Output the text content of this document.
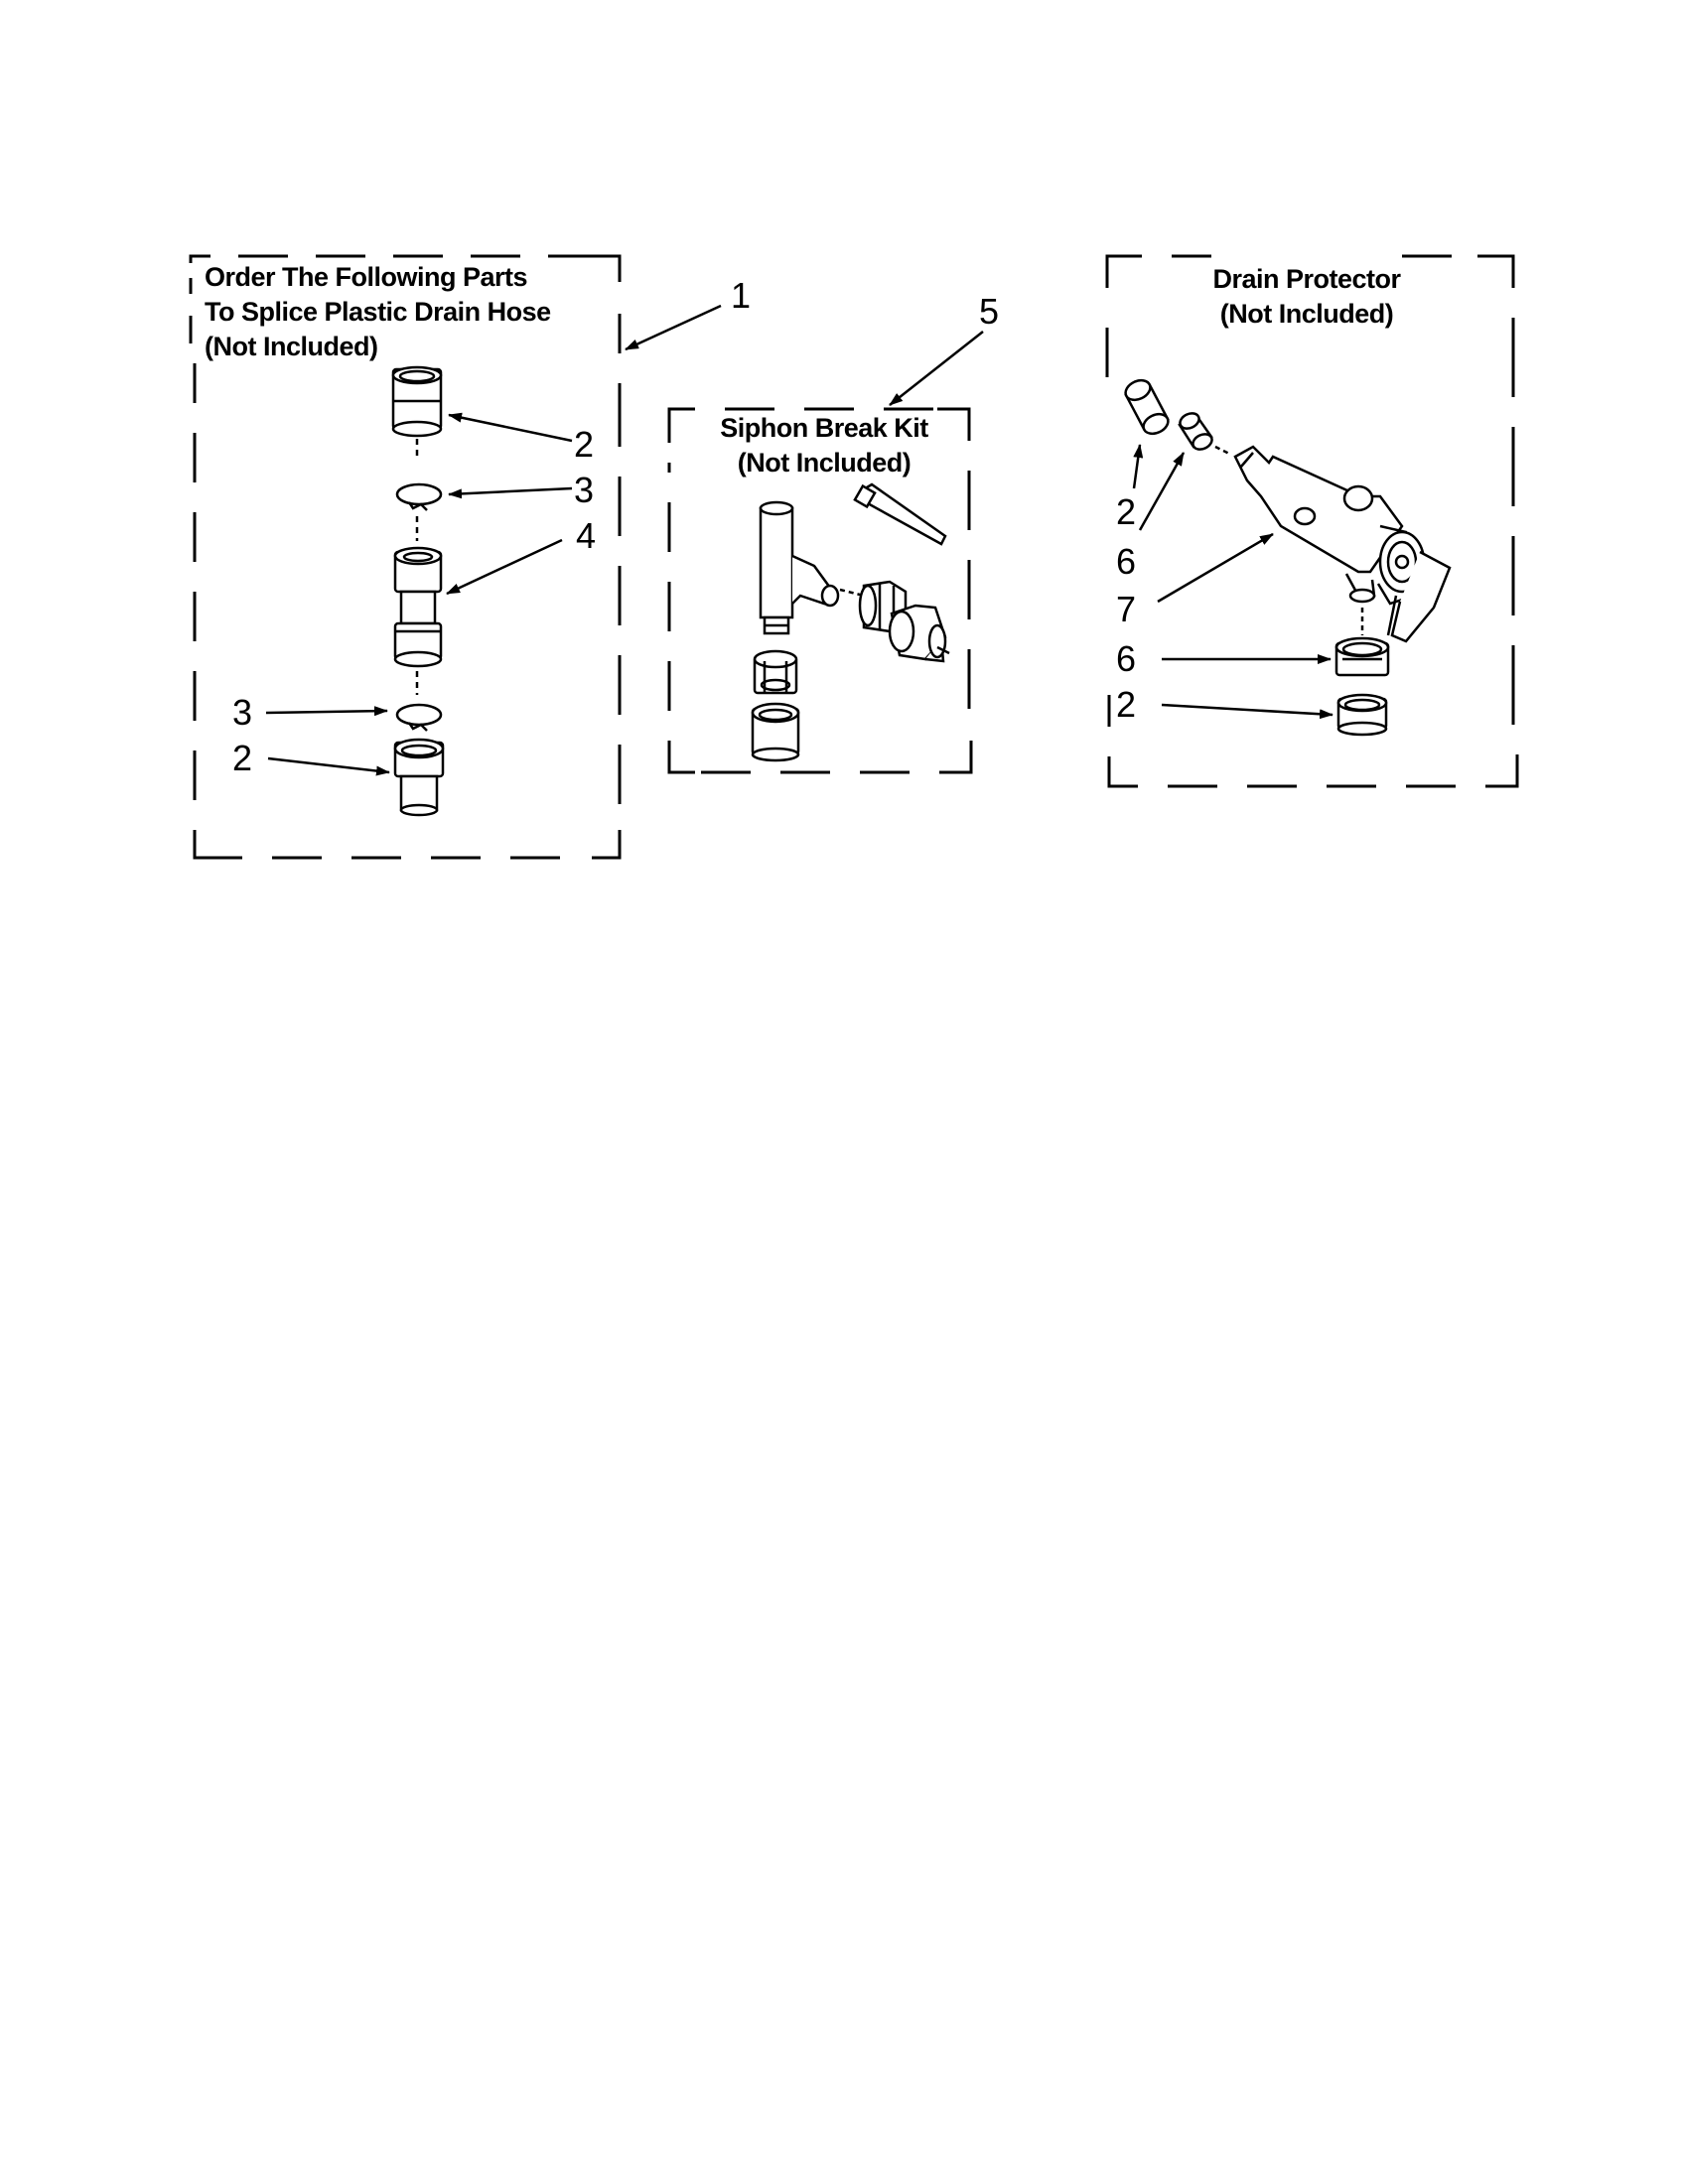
Order The Following Parts
To Splice Plastic Drain Hose
(Not Included)
Siphon Break Kit
(Not Included)
Drain Protector
(Not Included)
1	5
2
3
4
3
2
2
6
7
6
2
